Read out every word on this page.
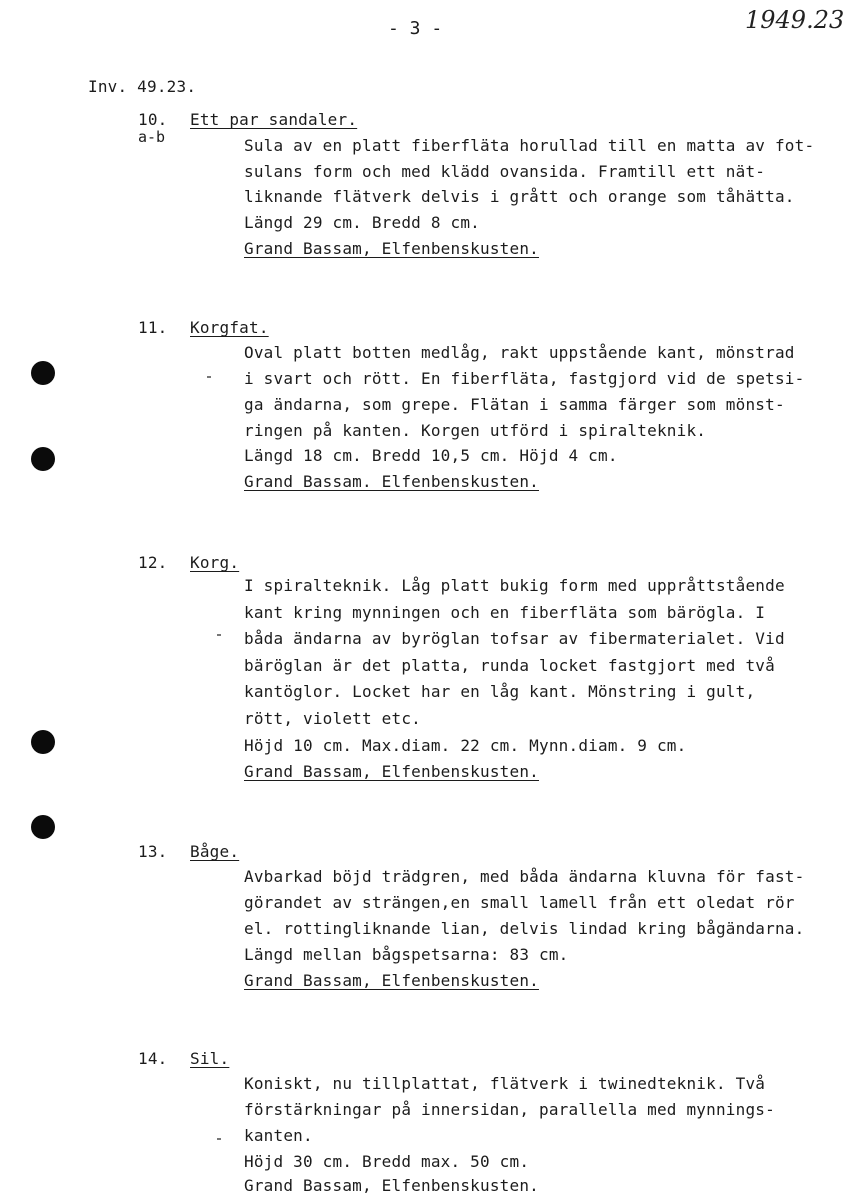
- 3 -	1949.23
Inv. 49.23.
10.
a-b
Ett par sandaler.
Sula av en platt fiberfläta horullad till en matta av fot-
sulans form och med klädd ovansida. Framtill ett nät-
liknande flätverk delvis i grått och orange som tåhätta.
Längd 29 cm. Bredd 8 cm.
Grand Bassam, Elfenbenskusten.
11. Korgfat.
Oval platt botten medlåg, rakt uppstående kant, mönstrad
i svart och rött. En fiberfläta, fastgjord vid de spetsi-
ga ändarna, som grepe. Flätan i samma färger som mönst-
ringen på kanten. Korgen utförd i spiralteknik.
Längd 18 cm. Bredd 10,5 cm. Höjd 4 cm.
Grand Bassam. Elfenbenskusten.
12. Korg.
I spiralteknik. Låg platt bukig form med uppråttstående
kant kring mynningen och en fiberfläta som bärögla. I
båda ändarna av byröglan tofsar av fibermaterialet. Vid
bäröglan är det platta, runda locket fastgjort med två
kantöglor. Locket har en låg kant. Mönstring i gult,
rött, violett etc.
Höjd 10 cm. Max.diam. 22 cm. Mynn.diam. 9 cm.
Grand Bassam, Elfenbenskusten.
13. Båge.
Avbarkad böjd trädgren, med båda ändarna kluvna för fast-
görandet av strängen,en small lamell från ett oledat rör
el. rottingliknande lian, delvis lindad kring bågändarna.
Längd mellan bågspetsarna: 83 cm.
Grand Bassam, Elfenbenskusten.
14. Sil.
Koniskt, nu tillplattat, flätverk i twinedteknik. Två
förstärkningar på innersidan, parallella med mynnings-
kanten.
Höjd 30 cm. Bredd max. 50 cm.
Grand Bassam, Elfenbenskusten.
